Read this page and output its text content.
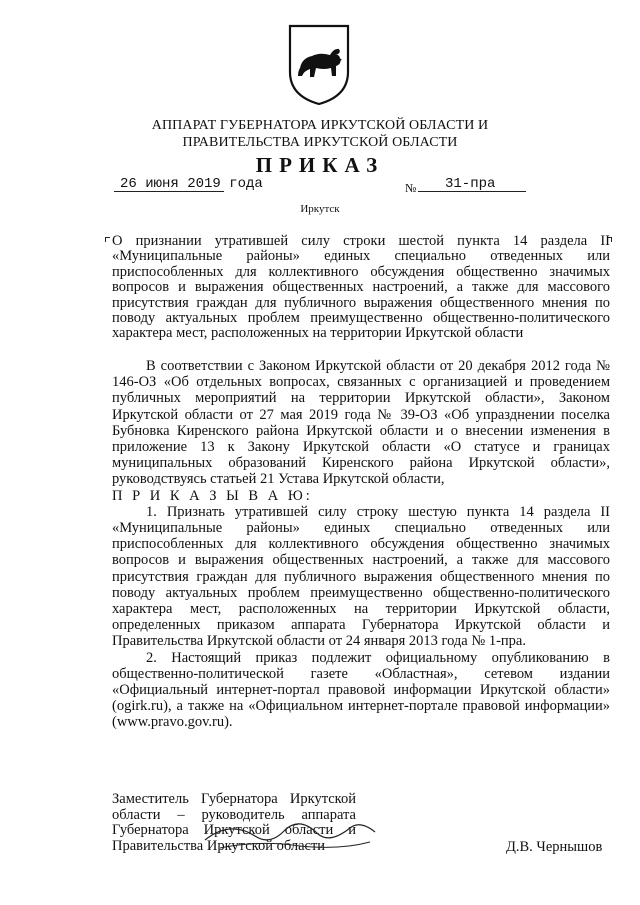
АППАРАТ ГУБЕРНАТОРА ИРКУТСКОЙ ОБЛАСТИ И
ПРАВИТЕЛЬСТВА ИРКУТСКОЙ ОБЛАСТИ
ПРИКАЗ
26 июня 2019 года	№ 31-пра
Иркутск
О признании утратившей силу строки шестой пункта 14 раздела II «Муниципальные районы» единых специально отведенных или приспособленных для коллективного обсуждения общественно значимых вопросов и выражения общественных настроений, а также для массового присутствия граждан для публичного выражения общественного мнения по поводу актуальных проблем преимущественно общественно-политического характера мест, расположенных на территории Иркутской области

В соответствии с Законом Иркутской области от 20 декабря 2012 года № 146-ОЗ «Об отдельных вопросах, связанных с организацией и проведением публичных мероприятий на территории Иркутской области», Законом Иркутской области от 27 мая 2019 года № 39-ОЗ «Об упразднении поселка Бубновка Киренского района Иркутской области и о внесении изменения в приложение 13 к Закону Иркутской области «О статусе и границах муниципальных образований Киренского района Иркутской области», руководствуясь статьей 21 Устава Иркутской области,

П Р И К А З Ы В А Ю:

1. Признать утратившей силу строку шестую пункта 14 раздела II «Муниципальные районы» единых специально отведенных или приспособленных для коллективного обсуждения общественно значимых вопросов и выражения общественных настроений, а также для массового присутствия граждан для публичного выражения общественного мнения по поводу актуальных проблем преимущественно общественно-политического характера мест, расположенных на территории Иркутской области, определенных приказом аппарата Губернатора Иркутской области и Правительства Иркутской области от 24 января 2013 года № 1-пра.

2. Настоящий приказ подлежит официальному опубликованию в общественно-политической газете «Областная», сетевом издании «Официальный интернет-портал правовой информации Иркутской области» (ogirk.ru), а также на «Официальном интернет-портале правовой информации» (www.pravo.gov.ru).

Заместитель Губернатора Иркутской области – руководитель аппарата Губернатора Иркутской области и Правительства Иркутской области	Д.В. Чернышов
